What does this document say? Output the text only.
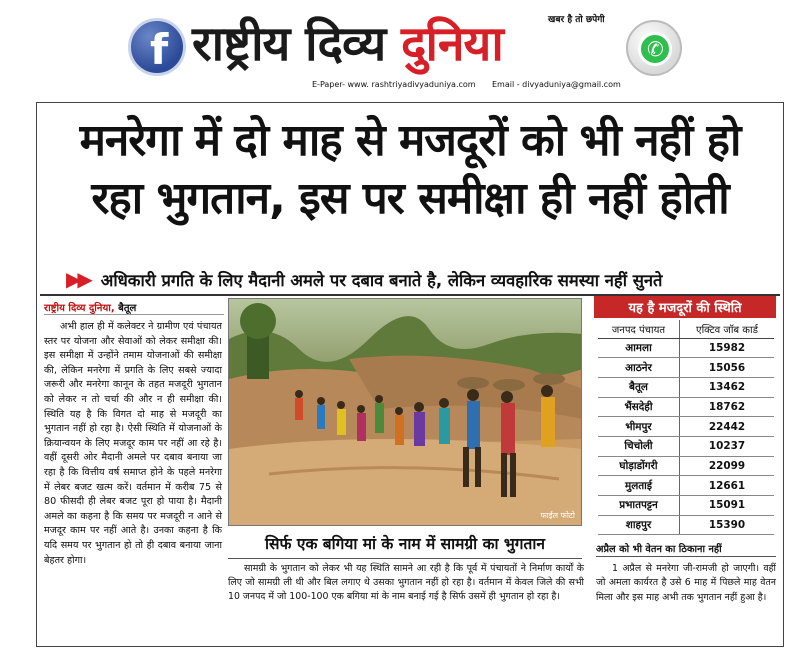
f राष्ट्रीय दिव्य दुनिया	खबर है तो छपेगी
✆
E-Paper- www. rashtriyadivyaduniya.com Email - divyaduniya@gmail.com
मनरेगा में दो माह से मजदूरों को भी नहीं हो
रहा भुगतान, इस पर समीक्षा ही नहीं होती
▶▶ अधिकारी प्रगति के लिए मैदानी अमले पर दबाव बनाते है, लेकिन व्यवहारिक समस्या नहीं सुनते
राष्ट्रीय दिव्य दुनिया, बैतूल

अभी हाल ही में कलेक्टर ने ग्रामीण एवं पंचायत स्तर पर योजना और सेवाओं को लेकर समीक्षा की। इस समीक्षा में उन्होंने तमाम योजनाओं की समीक्षा की, लेकिन मनरेगा में प्रगति के लिए सबसे ज्यादा जरूरी और मनरेगा कानून के तहत मजदूरी भुगतान को लेकर न तो चर्चा की और न ही समीक्षा की। स्थिति यह है कि विगत दो माह से मजदूरी का भुगतान नहीं हो रहा है। ऐसी स्थिति में योजनाओं के क्रियान्वयन के लिए मजदूर काम पर नहीं आ रहे है। वहीं दूसरी ओर मैदानी अमले पर दबाव बनाया जा रहा है कि वित्तीय वर्ष समाप्त होने के पहले मनरेगा में लेबर बजट खत्म करें। वर्तमान में करीब 75 से 80 फीसदी ही लेबर बजट पूरा हो पाया है। मैदानी अमले का कहना है कि समय पर मजदूरी न आने से मजदूर काम पर नहीं आते है। उनका कहना है कि यदि समय पर भुगतान हो तो ही दबाव बनाया जाना बेहतर होगा।

फाईल फोटो
सिर्फ एक बगिया मां के नाम में सामग्री का भुगतान

सामग्री के भुगतान को लेकर भी यह स्थिति सामने आ रही है कि पूर्व में पंचायतों ने निर्माण कार्यों के लिए जो सामग्री ली थी और बिल लगाए थे उसका भुगतान नहीं हो रहा है। वर्तमान में केवल जिले की सभी 10 जनपद में जो 100-100 एक बगिया मां के नाम बनाई गई है सिर्फ उसमें ही भुगतान हो रहा है।

यह है मजदूरों की स्थिति
जनपद पंचायत	एक्टिव जॉब कार्ड
आमला	15982
आठनेर	15056
बैतूल	13462
भैंसदेही	18762
भीमपुर	22442
चिचोली	10237
घोड़ाडोंगरी	22099
मुलताई	12661
प्रभातपट्टन	15091
शाहपुर	15390
अप्रैल को भी वेतन का ठिकाना नहीं

1 अप्रैल से मनरेगा जी-रामजी हो जाएगी। वहीं जो अमला कार्यरत है उसे 6 माह में पिछले माह वेतन मिला और इस माह अभी तक भुगतान नहीं हुआ है।
